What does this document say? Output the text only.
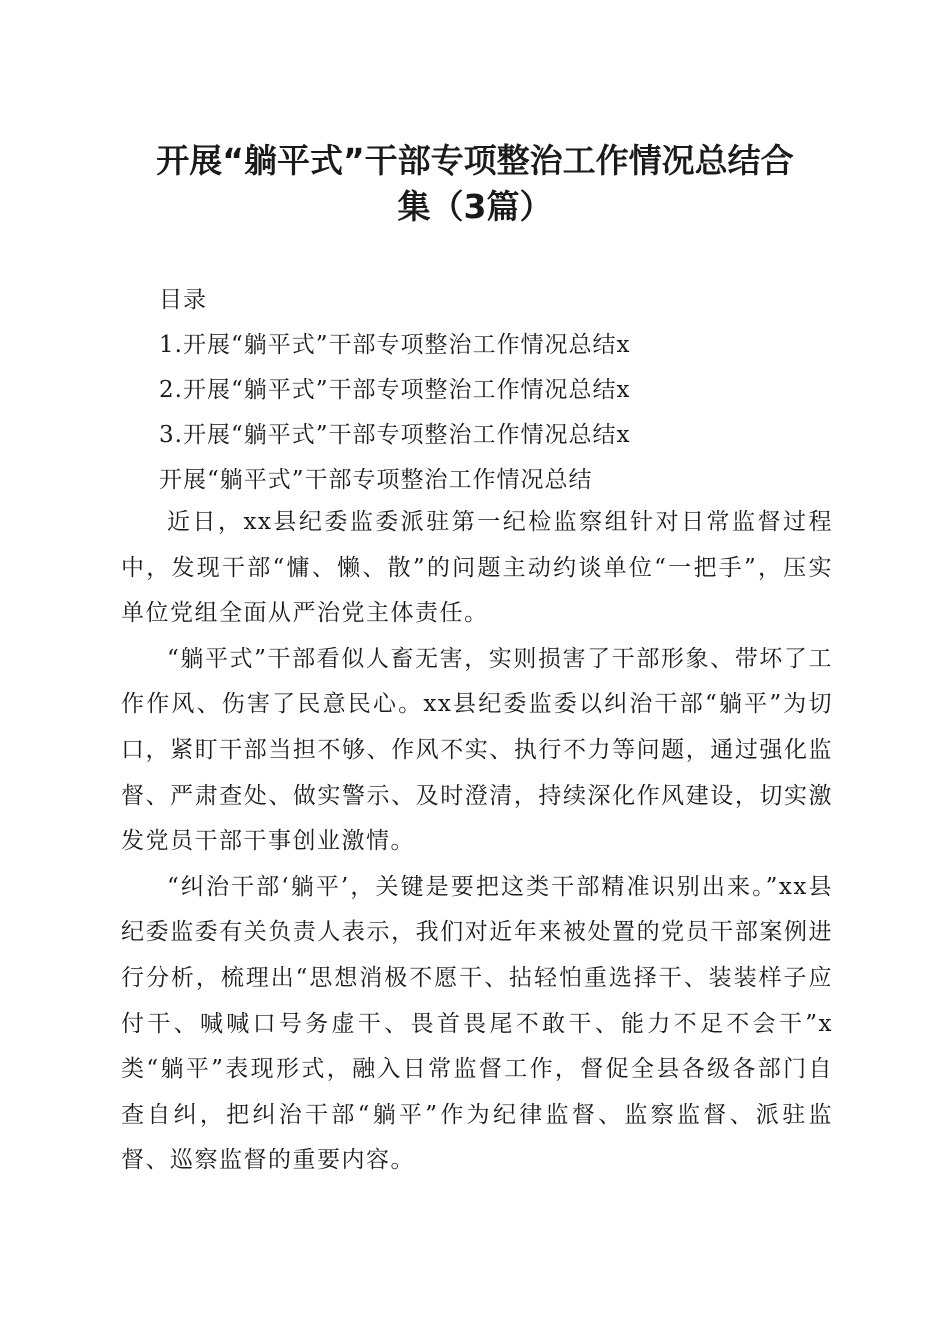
开展“躺平式”干部专项整治工作情况总结合
集（3篇）
目录
1.开展“躺平式”干部专项整治工作情况总结x
2.开展“躺平式”干部专项整治工作情况总结x
3.开展“躺平式”干部专项整治工作情况总结x
开展“躺平式”干部专项整治工作情况总结

近日，xx县纪委监委派驻第一纪检监察组针对日常监督过程中，发现干部“慵、懒、散”的问题主动约谈单位“一把手”，压实单位党组全面从严治党主体责任。

“躺平式”干部看似人畜无害，实则损害了干部形象、带坏了工作作风、伤害了民意民心。xx县纪委监委以纠治干部“躺平”为切口，紧盯干部当担不够、作风不实、执行不力等问题，通过强化监督、严肃查处、做实警示、及时澄清，持续深化作风建设，切实激发党员干部干事创业激情。

“纠治干部‘躺平’，关键是要把这类干部精准识别出来。”xx县纪委监委有关负责人表示，我们对近年来被处置的党员干部案例进行分析，梳理出“思想消极不愿干、拈轻怕重选择干、装装样子应付干、喊喊口号务虚干、畏首畏尾不敢干、能力不足不会干”x类“躺平”表现形式，融入日常监督工作，督促全县各级各部门自查自纠，把纠治干部“躺平”作为纪律监督、监察监督、派驻监督、巡察监督的重要内容。
